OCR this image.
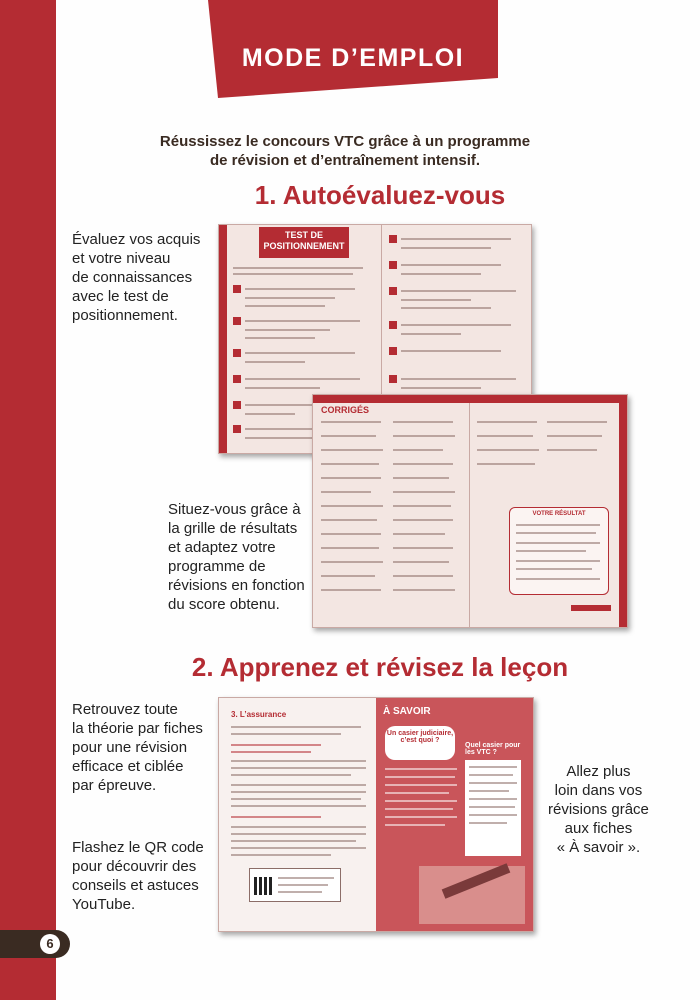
6
MODE D’EMPLOI
Réussissez le concours VTC grâce à un programme
de révision et d’entraînement intensif.
1. Autoévaluez-vous
Évaluez vos acquis
et votre niveau
de connaissances
avec le test de
positionnement.
TEST DE POSITIONNEMENT
CORRIGÉS
VOTRE RÉSULTAT
Situez-vous grâce à
la grille de résultats
et adaptez votre
programme de
révisions en fonction
du score obtenu.
2. Apprenez et révisez la leçon
Retrouvez toute
la théorie par fiches
pour une révision
efficace et ciblée
par épreuve.
Flashez le QR code
pour découvrir des
conseils et astuces
YouTube.
3. L’assurance	À SAVOIR
Un casier judiciaire, c’est quoi ?
Quel casier pour les VTC ?
Allez plus
loin dans vos
révisions grâce
aux fiches
« À savoir ».
